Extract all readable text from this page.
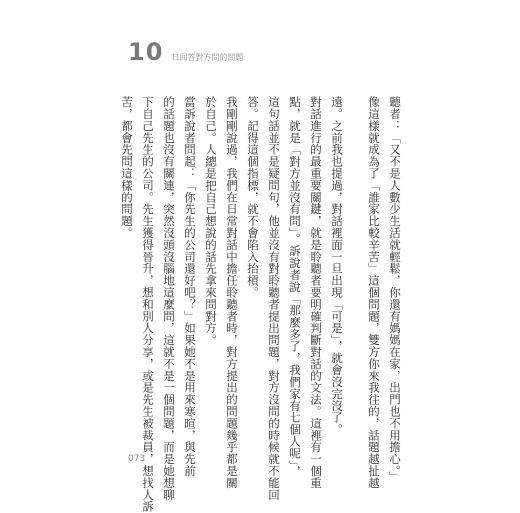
10 日回答對方問的問題
聽者：「又不是人數少生活就輕鬆，你還有媽媽在家，出門也不用擔心。」
像這樣就成為了「誰家比較辛苦」這個問題，雙方你來我往的，話題越扯越
遠。之前我也提過，對話裡面一旦出現「可是」，就會沒完沒了。
對話進行的最重要關鍵，就是聆聽者要明確判斷對話的文法。這裡有一個重
點，就是「對方並沒有問」。訴說者說「那麼多了，我們家有七個人呢」，
這句話並不是疑問句，他並沒有對聆聽者提出問題，對方沒問的時候就不能回
答。記得這個指標，就不會陷入抬槓。
我剛剛說過，我們在日常對話中擔任聆聽者時，對方提出的問題幾乎都是關
於自己。人總是把自己想說的話先拿來問對方。
當訴說者問起：「你先生的公司還好吧？」如果她不是用來寒暄，與先前
的話題也沒有關連，突然沒頭沒腦地這麼問，這就不是一個問題，而是她想聊
下自己先生的公司。先生獲得晉升，想和別人分享，或是先生被裁員，想找人訴
苦，都會先問這樣的問題。
073
